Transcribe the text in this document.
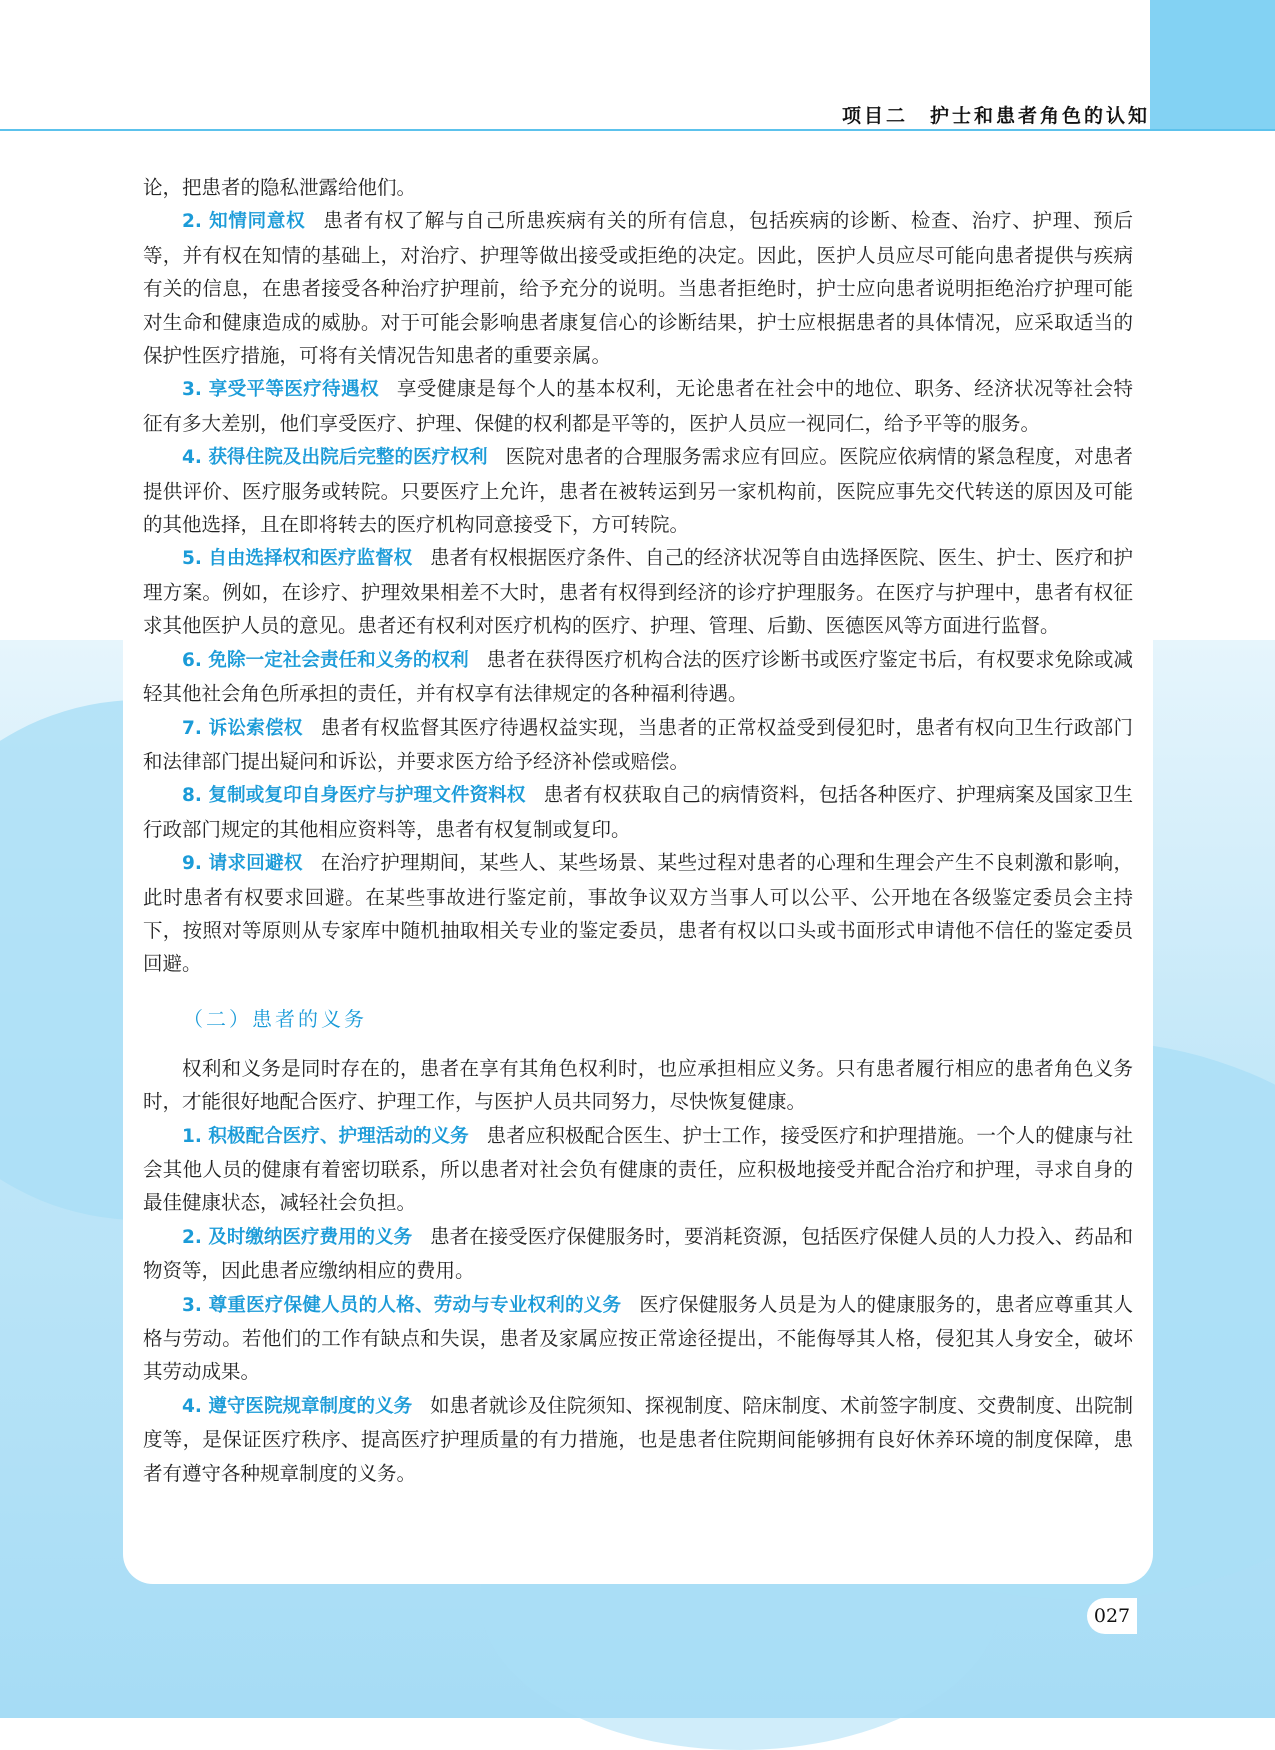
项目二　护士和患者角色的认知

论，把患者的隐私泄露给他们。

2. 知情同意权 患者有权了解与自己所患疾病有关的所有信息，包括疾病的诊断、检查、治疗、护理、预后等，并有权在知情的基础上，对治疗、护理等做出接受或拒绝的决定。因此，医护人员应尽可能向患者提供与疾病有关的信息，在患者接受各种治疗护理前，给予充分的说明。当患者拒绝时，护士应向患者说明拒绝治疗护理可能对生命和健康造成的威胁。对于可能会影响患者康复信心的诊断结果，护士应根据患者的具体情况，应采取适当的保护性医疗措施，可将有关情况告知患者的重要亲属。

3. 享受平等医疗待遇权 享受健康是每个人的基本权利，无论患者在社会中的地位、职务、经济状况等社会特征有多大差别，他们享受医疗、护理、保健的权利都是平等的，医护人员应一视同仁，给予平等的服务。

4. 获得住院及出院后完整的医疗权利 医院对患者的合理服务需求应有回应。医院应依病情的紧急程度，对患者提供评价、医疗服务或转院。只要医疗上允许，患者在被转运到另一家机构前，医院应事先交代转送的原因及可能的其他选择，且在即将转去的医疗机构同意接受下，方可转院。

5. 自由选择权和医疗监督权 患者有权根据医疗条件、自己的经济状况等自由选择医院、医生、护士、医疗和护理方案。例如，在诊疗、护理效果相差不大时，患者有权得到经济的诊疗护理服务。在医疗与护理中，患者有权征求其他医护人员的意见。患者还有权利对医疗机构的医疗、护理、管理、后勤、医德医风等方面进行监督。

6. 免除一定社会责任和义务的权利 患者在获得医疗机构合法的医疗诊断书或医疗鉴定书后，有权要求免除或减轻其他社会角色所承担的责任，并有权享有法律规定的各种福利待遇。

7. 诉讼索偿权 患者有权监督其医疗待遇权益实现，当患者的正常权益受到侵犯时，患者有权向卫生行政部门和法律部门提出疑问和诉讼，并要求医方给予经济补偿或赔偿。

8. 复制或复印自身医疗与护理文件资料权 患者有权获取自己的病情资料，包括各种医疗、护理病案及国家卫生行政部门规定的其他相应资料等，患者有权复制或复印。

9. 请求回避权 在治疗护理期间，某些人、某些场景、某些过程对患者的心理和生理会产生不良刺激和影响，此时患者有权要求回避。在某些事故进行鉴定前，事故争议双方当事人可以公平、公开地在各级鉴定委员会主持下，按照对等原则从专家库中随机抽取相关专业的鉴定委员，患者有权以口头或书面形式申请他不信任的鉴定委员回避。

（二）患者的义务

权利和义务是同时存在的，患者在享有其角色权利时，也应承担相应义务。只有患者履行相应的患者角色义务时，才能很好地配合医疗、护理工作，与医护人员共同努力，尽快恢复健康。

1. 积极配合医疗、护理活动的义务 患者应积极配合医生、护士工作，接受医疗和护理措施。一个人的健康与社会其他人员的健康有着密切联系，所以患者对社会负有健康的责任，应积极地接受并配合治疗和护理，寻求自身的最佳健康状态，减轻社会负担。

2. 及时缴纳医疗费用的义务 患者在接受医疗保健服务时，要消耗资源，包括医疗保健人员的人力投入、药品和物资等，因此患者应缴纳相应的费用。

3. 尊重医疗保健人员的人格、劳动与专业权利的义务 医疗保健服务人员是为人的健康服务的，患者应尊重其人格与劳动。若他们的工作有缺点和失误，患者及家属应按正常途径提出，不能侮辱其人格，侵犯其人身安全，破坏其劳动成果。

4. 遵守医院规章制度的义务 如患者就诊及住院须知、探视制度、陪床制度、术前签字制度、交费制度、出院制度等，是保证医疗秩序、提高医疗护理质量的有力措施，也是患者住院期间能够拥有良好休养环境的制度保障，患者有遵守各种规章制度的义务。

027
